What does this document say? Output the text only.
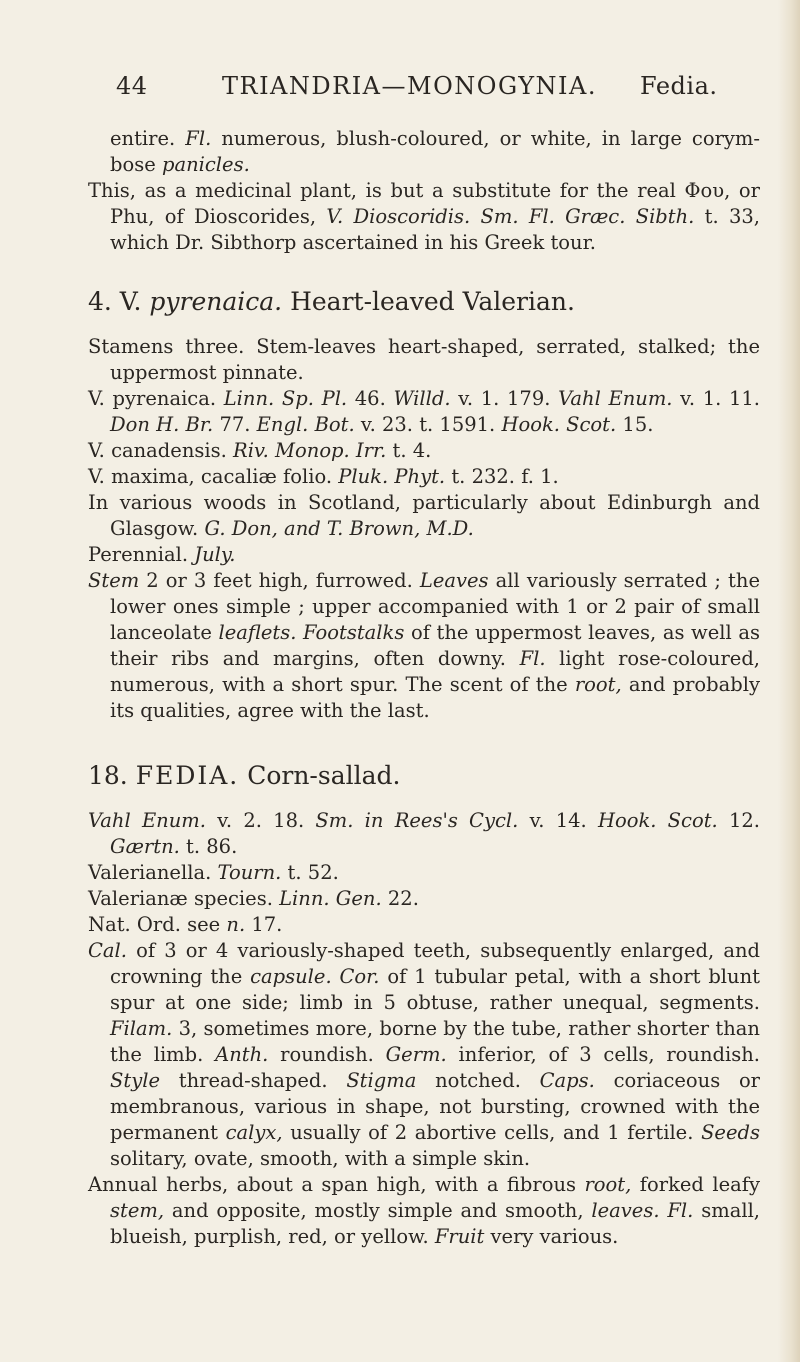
44	TRIANDRIA—MONOGYNIA. Fedia.

entire. Fl. numerous, blush-coloured, or white, in large corym-bose panicles.

This, as a medicinal plant, is but a substitute for the real Φου, or Phu, of Dioscorides, V. Dioscoridis. Sm. Fl. Græc. Sibth. t. 33, which Dr. Sibthorp ascertained in his Greek tour.

4. V. pyrenaica. Heart-leaved Valerian.

Stamens three. Stem-leaves heart-shaped, serrated, stalked; the uppermost pinnate.

V. pyrenaica. Linn. Sp. Pl. 46. Willd. v. 1. 179. Vahl Enum. v. 1. 11. Don H. Br. 77. Engl. Bot. v. 23. t. 1591. Hook. Scot. 15.

V. canadensis. Riv. Monop. Irr. t. 4.

V. maxima, cacaliæ folio. Pluk. Phyt. t. 232. f. 1.

In various woods in Scotland, particularly about Edinburgh and Glasgow. G. Don, and T. Brown, M.D.

Perennial. July.

Stem 2 or 3 feet high, furrowed. Leaves all variously serrated ; the lower ones simple ; upper accompanied with 1 or 2 pair of small lanceolate leaflets. Footstalks of the uppermost leaves, as well as their ribs and margins, often downy. Fl. light rose-coloured, numerous, with a short spur. The scent of the root, and probably its qualities, agree with the last.

18. FEDIA. Corn-sallad.

Vahl Enum. v. 2. 18. Sm. in Rees's Cycl. v. 14. Hook. Scot. 12. Gærtn. t. 86.

Valerianella. Tourn. t. 52.

Valerianæ species. Linn. Gen. 22.

Nat. Ord. see n. 17.

Cal. of 3 or 4 variously-shaped teeth, subsequently enlarged, and crowning the capsule. Cor. of 1 tubular petal, with a short blunt spur at one side; limb in 5 obtuse, rather unequal, segments. Filam. 3, sometimes more, borne by the tube, rather shorter than the limb. Anth. roundish. Germ. inferior, of 3 cells, roundish. Style thread-shaped. Stigma notched. Caps. coriaceous or membranous, various in shape, not bursting, crowned with the permanent calyx, usually of 2 abortive cells, and 1 fertile. Seeds solitary, ovate, smooth, with a simple skin.

Annual herbs, about a span high, with a fibrous root, forked leafy stem, and opposite, mostly simple and smooth, leaves. Fl. small, blueish, purplish, red, or yellow. Fruit very various.
